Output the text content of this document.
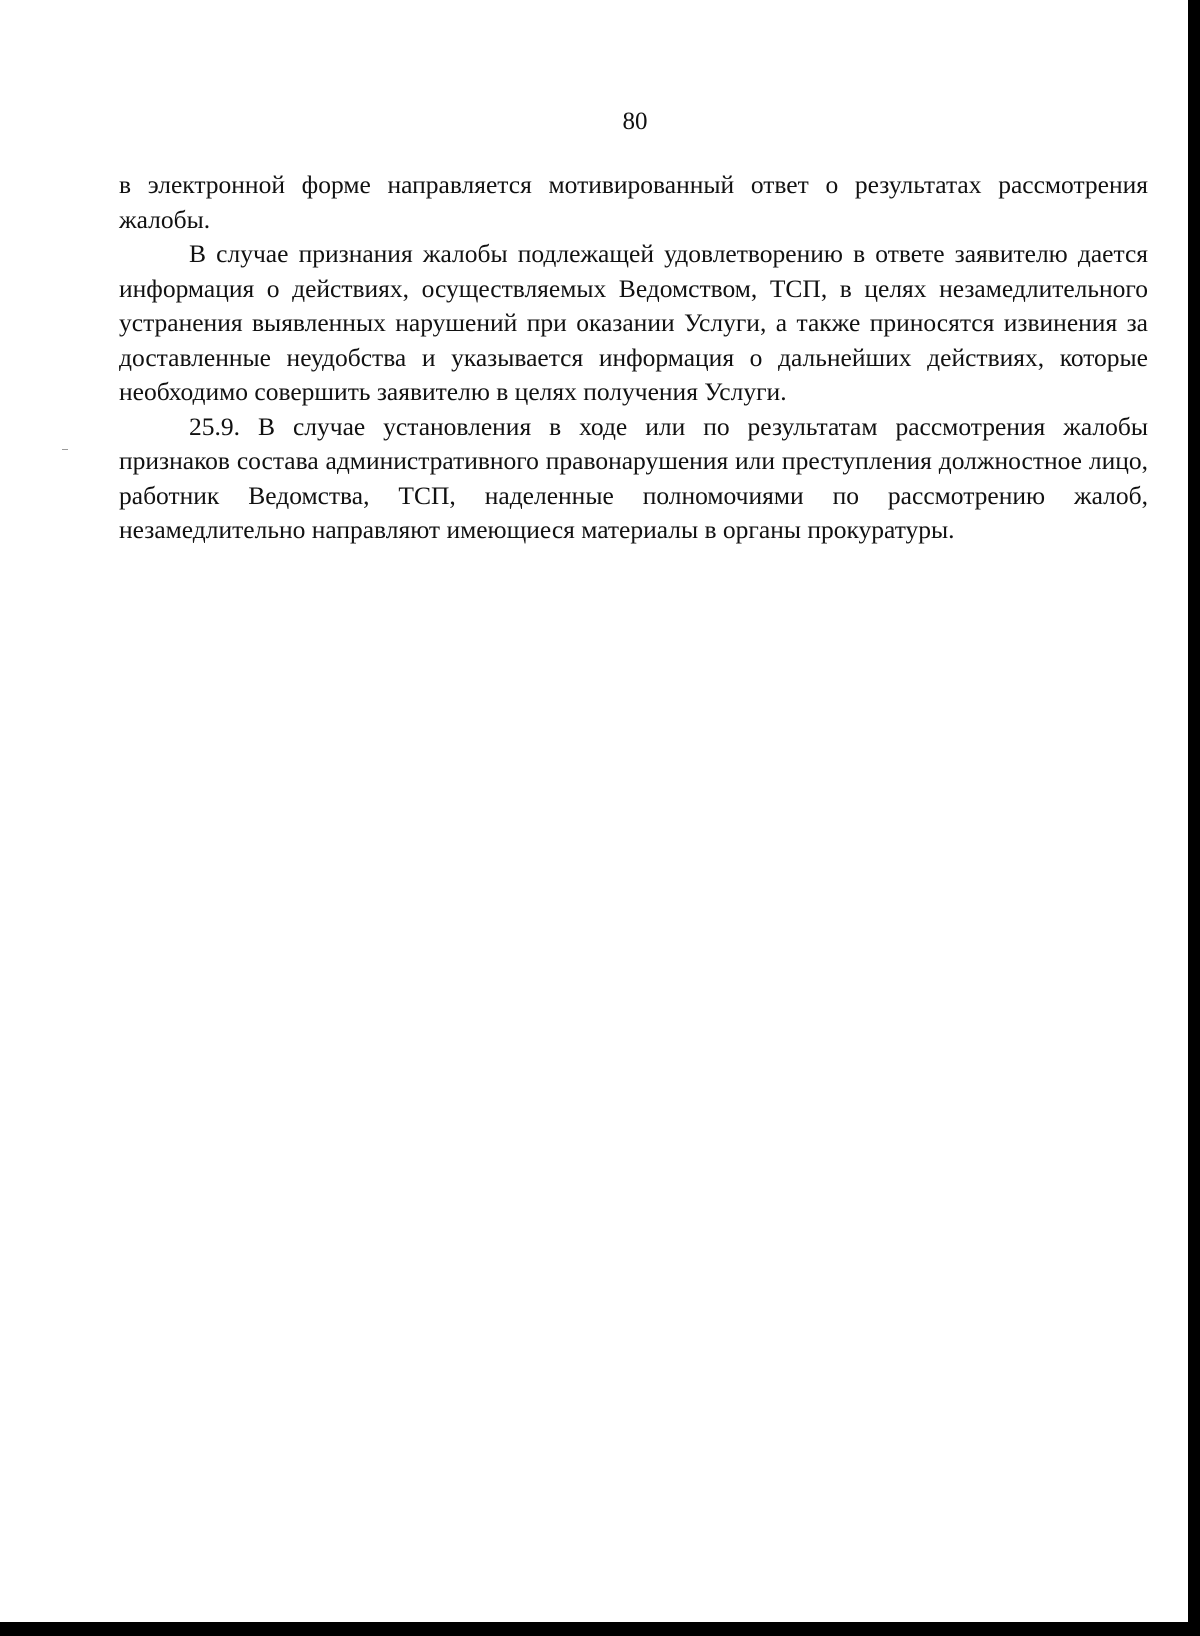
80

в электронной форме направляется мотивированный ответ о результатах рассмотрения жалобы.

В случае признания жалобы подлежащей удовлетворению в ответе заявителю дается информация о действиях, осуществляемых Ведомством, ТСП, в целях незамедлительного устранения выявленных нарушений при оказании Услуги, а также приносятся извинения за доставленные неудобства и указывается информация о дальнейших действиях, которые необходимо совершить заявителю в целях получения Услуги.

25.9. В случае установления в ходе или по результатам рассмотрения жалобы признаков состава административного правонарушения или преступления должностное лицо, работник Ведомства, ТСП, наделенные полномочиями по рассмотрению жалоб, незамедлительно направляют имеющиеся материалы в органы прокуратуры.
